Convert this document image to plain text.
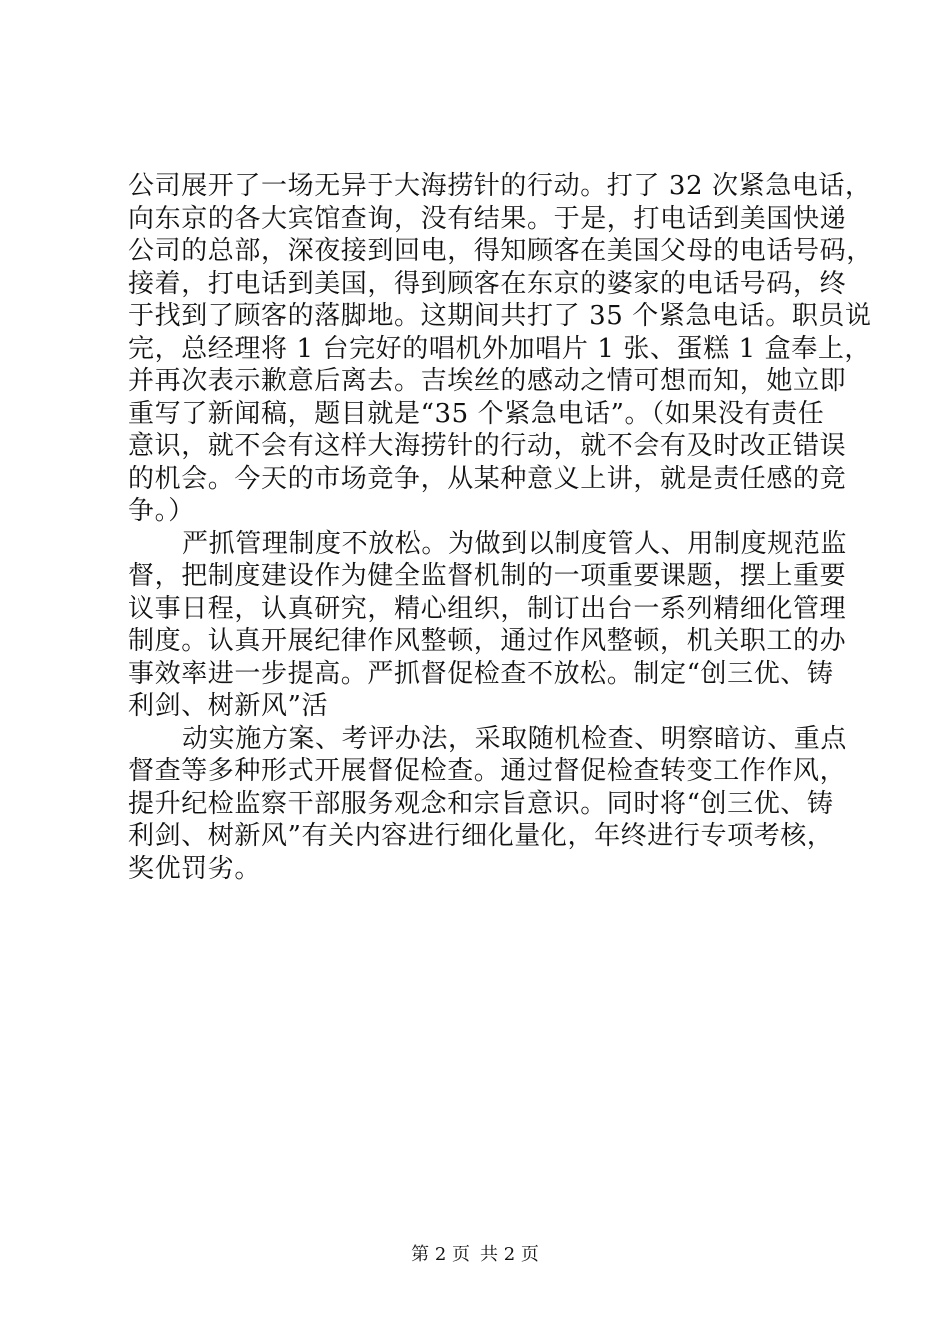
公司展开了一场无异于大海捞针的行动。打了 32 次紧急电话，
向东京的各大宾馆查询，没有结果。于是，打电话到美国快递
公司的总部，深夜接到回电，得知顾客在美国父母的电话号码，
接着，打电话到美国，得到顾客在东京的婆家的电话号码，终
于找到了顾客的落脚地。这期间共打了 35 个紧急电话。职员说
完，总经理将 1 台完好的唱机外加唱片 1 张、蛋糕 1 盒奉上，
并再次表示歉意后离去。吉埃丝的感动之情可想而知，她立即
重写了新闻稿，题目就是“35 个紧急电话”。（如果没有责任
意识，就不会有这样大海捞针的行动，就不会有及时改正错误
的机会。今天的市场竞争，从某种意义上讲，就是责任感的竞
争。）
严抓管理制度不放松。为做到以制度管人、用制度规范监
督，把制度建设作为健全监督机制的一项重要课题，摆上重要
议事日程，认真研究，精心组织，制订出台一系列精细化管理
制度。认真开展纪律作风整顿，通过作风整顿，机关职工的办
事效率进一步提高。严抓督促检查不放松。制定“创三优、铸
利剑、树新风”活
动实施方案、考评办法，采取随机检查、明察暗访、重点
督查等多种形式开展督促检查。通过督促检查转变工作作风，
提升纪检监察干部服务观念和宗旨意识。同时将“创三优、铸
利剑、树新风”有关内容进行细化量化，年终进行专项考核，
奖优罚劣。
第 2 页 共 2 页
